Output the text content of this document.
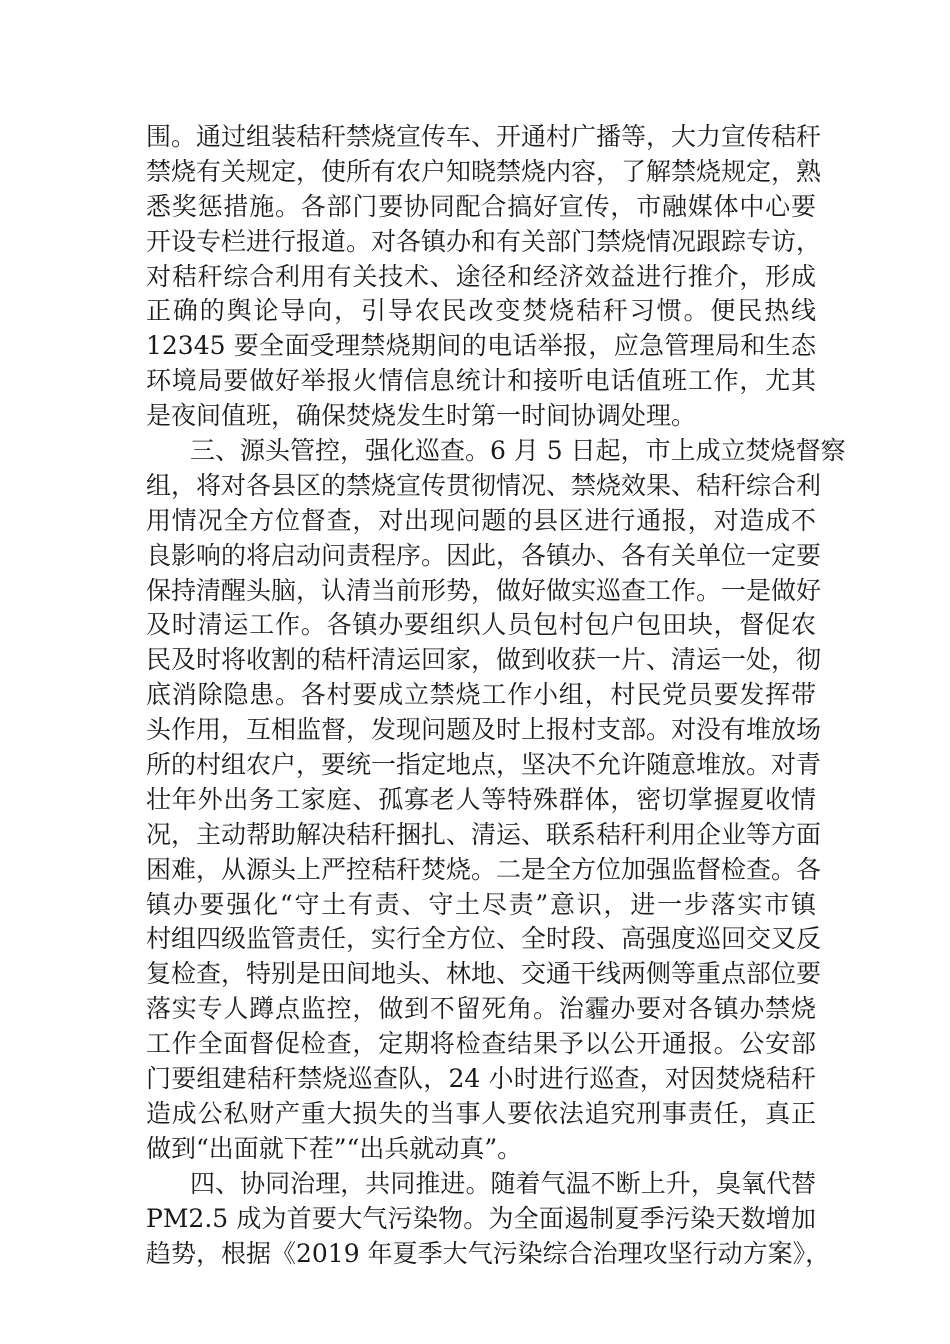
围。通过组装秸秆禁烧宣传车、开通村广播等，大力宣传秸秆
禁烧有关规定，使所有农户知晓禁烧内容，了解禁烧规定，熟
悉奖惩措施。各部门要协同配合搞好宣传，市融媒体中心要
开设专栏进行报道。对各镇办和有关部门禁烧情况跟踪专访，
对秸秆综合利用有关技术、途径和经济效益进行推介，形成
正确的舆论导向，引导农民改变焚烧秸秆习惯。便民热线
12345 要全面受理禁烧期间的电话举报，应急管理局和生态
环境局要做好举报火情信息统计和接听电话值班工作，尤其
是夜间值班，确保焚烧发生时第一时间协调处理。
三、源头管控，强化巡查。6 月 5 日起，市上成立焚烧督察
组，将对各县区的禁烧宣传贯彻情况、禁烧效果、秸秆综合利
用情况全方位督查，对出现问题的县区进行通报，对造成不
良影响的将启动问责程序。因此，各镇办、各有关单位一定要
保持清醒头脑，认清当前形势，做好做实巡查工作。一是做好
及时清运工作。各镇办要组织人员包村包户包田块，督促农
民及时将收割的秸杆清运回家，做到收获一片、清运一处，彻
底消除隐患。各村要成立禁烧工作小组，村民党员要发挥带
头作用，互相监督，发现问题及时上报村支部。对没有堆放场
所的村组农户，要统一指定地点，坚决不允许随意堆放。对青
壮年外出务工家庭、孤寡老人等特殊群体，密切掌握夏收情
况，主动帮助解决秸秆捆扎、清运、联系秸秆利用企业等方面
困难，从源头上严控秸秆焚烧。二是全方位加强监督检查。各
镇办要强化“守土有责、守土尽责”意识，进一步落实市镇
村组四级监管责任，实行全方位、全时段、高强度巡回交叉反
复检查，特别是田间地头、林地、交通干线两侧等重点部位要
落实专人蹲点监控，做到不留死角。治霾办要对各镇办禁烧
工作全面督促检查，定期将检查结果予以公开通报。公安部
门要组建秸秆禁烧巡查队，24 小时进行巡查，对因焚烧秸秆
造成公私财产重大损失的当事人要依法追究刑事责任，真正
做到“出面就下茬”“出兵就动真”。
四、协同治理，共同推进。随着气温不断上升，臭氧代替
PM2.5 成为首要大气污染物。为全面遏制夏季污染天数增加
趋势，根据《2019 年夏季大气污染综合治理攻坚行动方案》，
